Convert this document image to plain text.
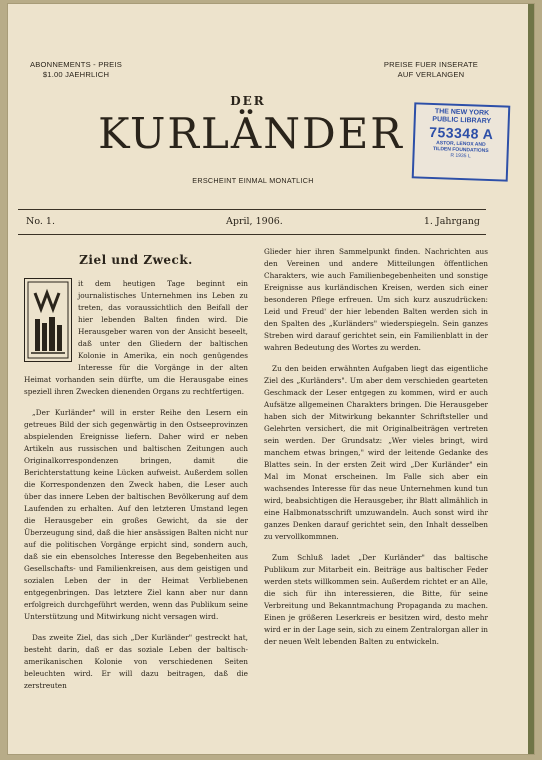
ABONNEMENTS - PREIS
$1.00 JAEHRLICH
PREISE FUER INSERATE
AUF VERLANGEN
DER
KURLÄNDER
ERSCHEINT EINMAL MONATLICH
THE NEW YORK
PUBLIC LIBRARY
753348 A
ASTOR, LENOX AND
TILDEN FOUNDATIONS
R 1935 L
No. 1.	April, 1906.	1. Jahrgang
Ziel und Zweck.

it dem heutigen Tage beginnt ein journalistisches Unternehmen ins Leben zu treten, das voraussichtlich den Beifall der hier lebenden Balten finden wird. Die Herausgeber waren von der Ansicht beseelt, daß unter den Gliedern der baltischen Kolonie in Amerika, ein noch genügendes Interesse für die Vorgänge in der alten Heimat vorhanden sein dürfte, um die Herausgabe eines speziell ihren Zwecken dienenden Organs zu rechtfertigen.

„Der Kurländer" will in erster Reihe den Lesern ein getreues Bild der sich gegenwärtig in den Ostseeprovinzen abspielenden Ereignisse liefern. Daher wird er neben Artikeln aus russischen und baltischen Zeitungen auch Originalkorrespondenzen bringen, damit die Berichterstattung keine Lücken aufweist. Außerdem sollen die Korrespondenzen den Zweck haben, die Leser auch über das innere Leben der baltischen Bevölkerung auf dem Laufenden zu erhalten. Auf den letzteren Umstand legen die Herausgeber ein großes Gewicht, da sie der Überzeugung sind, daß die hier ansässigen Balten nicht nur auf die politischen Vorgänge erpicht sind, sondern auch, daß sie ein ebensolches Interesse den Begebenheiten aus Gesellschafts- und Familienkreisen, aus dem geistigen und sozialen Leben der in der Heimat Verbliebenen entgegenbringen. Das letztere Ziel kann aber nur dann erfolgreich durchgeführt werden, wenn das Publikum seine Unterstützung und Mitwirkung nicht versagen wird.

Das zweite Ziel, das sich „Der Kurländer" gestreckt hat, besteht darin, daß er das soziale Leben der baltisch-amerikanischen Kolonie von verschiedenen Seiten beleuchten wird. Er will dazu beitragen, daß die zerstreuten

Glieder hier ihren Sammelpunkt finden. Nachrichten aus den Vereinen und andere Mitteilungen öffentlichen Charakters, wie auch Familienbegebenheiten und sonstige Ereignisse aus kurländischen Kreisen, werden sich einer besonderen Pflege erfreuen. Um sich kurz auszudrücken: Leid und Freud' der hier lebenden Balten werden sich in den Spalten des „Kurländers" wiederspiegeln. Sein ganzes Streben wird darauf gerichtet sein, ein Familienblatt in der wahren Bedeutung des Wortes zu werden.

Zu den beiden erwähnten Aufgaben liegt das eigentliche Ziel des „Kurländers". Um aber dem verschieden gearteten Geschmack der Leser entgegen zu kommen, wird er auch Aufsätze allgemeinen Charakters bringen. Die Herausgeber haben sich der Mitwirkung bekannter Schriftsteller und Gelehrten versichert, die mit Originalbeiträgen vertreten sein werden. Der Grundsatz: „Wer vieles bringt, wird manchem etwas bringen," wird der leitende Gedanke des Blattes sein. In der ersten Zeit wird „Der Kurländer" ein Mal im Monat erscheinen. Im Falle sich aber ein wachsendes Interesse für das neue Unternehmen kund tun wird, beabsichtigen die Herausgeber, ihr Blatt allmählich in eine Halbmonatsschrift umzuwandeln. Auch sonst wird ihr ganzes Denken darauf gerichtet sein, den Inhalt desselben zu vervollkommnen.

Zum Schluß ladet „Der Kurländer" das baltische Publikum zur Mitarbeit ein. Beiträge aus baltischer Feder werden stets willkommen sein. Außerdem richtet er an Alle, die sich für ihn interessieren, die Bitte, für seine Verbreitung und Bekanntmachung Propaganda zu machen. Einen je größeren Leserkreis er besitzen wird, desto mehr wird er in der Lage sein, sich zu einem Zentralorgan aller in der neuen Welt lebenden Balten zu entwickeln.
